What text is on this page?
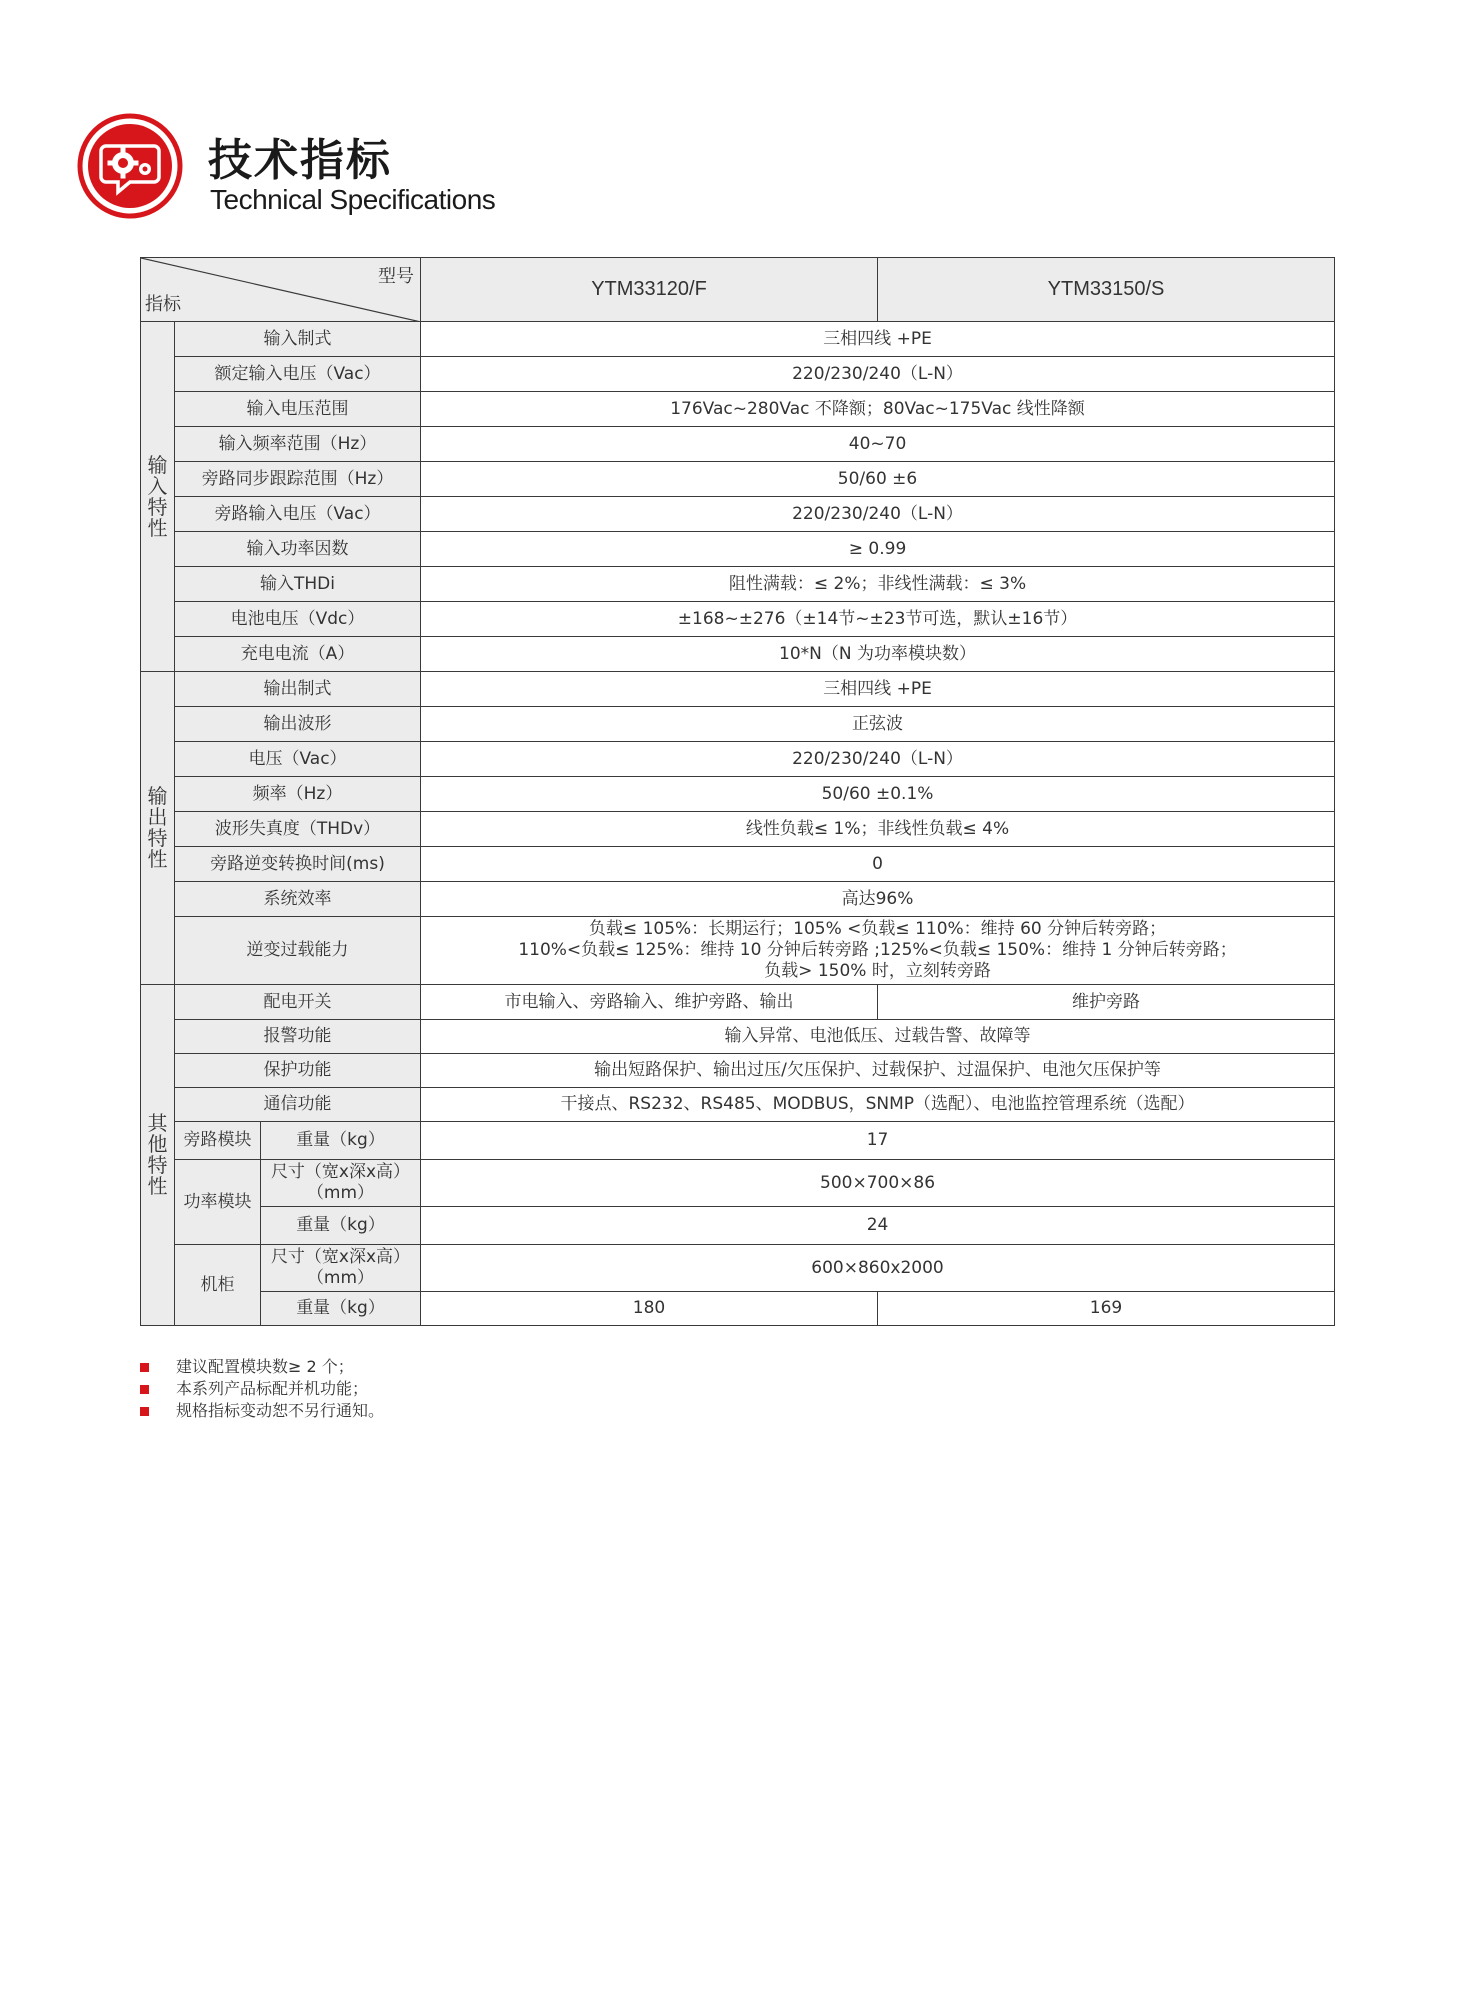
技术指标
Technical Specifications
型号
指标			YTM33120/F	YTM33150/S

输
入
特
性	输入制式		三相四线 +PE	
	额定输入电压（Vac）		220/230/240（L-N）	
	输入电压范围		176Vac~280Vac 不降额；80Vac~175Vac 线性降额	
	输入频率范围（Hz）		40~70	
	旁路同步跟踪范围（Hz）		50/60 ±6	
	旁路输入电压（Vac）		220/230/240（L-N）	
	输入功率因数		≥ 0.99	
	输入THDi		阻性满载：≤ 2%；非线性满载：≤ 3%	
	电池电压（Vdc）		±168~±276（±14节~±23节可选，默认±16节）	
	充电电流（A）		10*N（N 为功率模块数）	

输
出
特
性	输出制式		三相四线 +PE	
	输出波形		正弦波	
	电压（Vac）		220/230/240（L-N）	
	频率（Hz）		50/60 ±0.1%	
	波形失真度（THDv）		线性负载≤ 1%；非线性负载≤ 4%	
	旁路逆变转换时间(ms)		0	
	系统效率		高达96%	
	逆变过载能力		负载≤ 105%：长期运行；105% <负载≤ 110%：维持 60 分钟后转旁路；
110%<负载≤ 125%：维持 10 分钟后转旁路 ;125%<负载≤ 150%：维持 1 分钟后转旁路；
负载> 150% 时，立刻转旁路	

其
他
特
性	配电开关		市电输入、旁路输入、维护旁路、输出	维护旁路
	报警功能		输入异常、电池低压、过载告警、故障等	
	保护功能		输出短路保护、输出过压/欠压保护、过载保护、过温保护、电池欠压保护等	
	通信功能		干接点、RS232、RS485、MODBUS，SNMP（选配）、电池监控管理系统（选配）	
	旁路模块	重量（kg）	17	
	功率模块	尺寸（宽x深x高）
（mm）	500×700×86	
		重量（kg）	24	
	机柜	尺寸（宽x深x高）
（mm）	600×860x2000	
		重量（kg）	180	169
建议配置模块数≥ 2 个；
本系列产品标配并机功能；
规格指标变动恕不另行通知。
